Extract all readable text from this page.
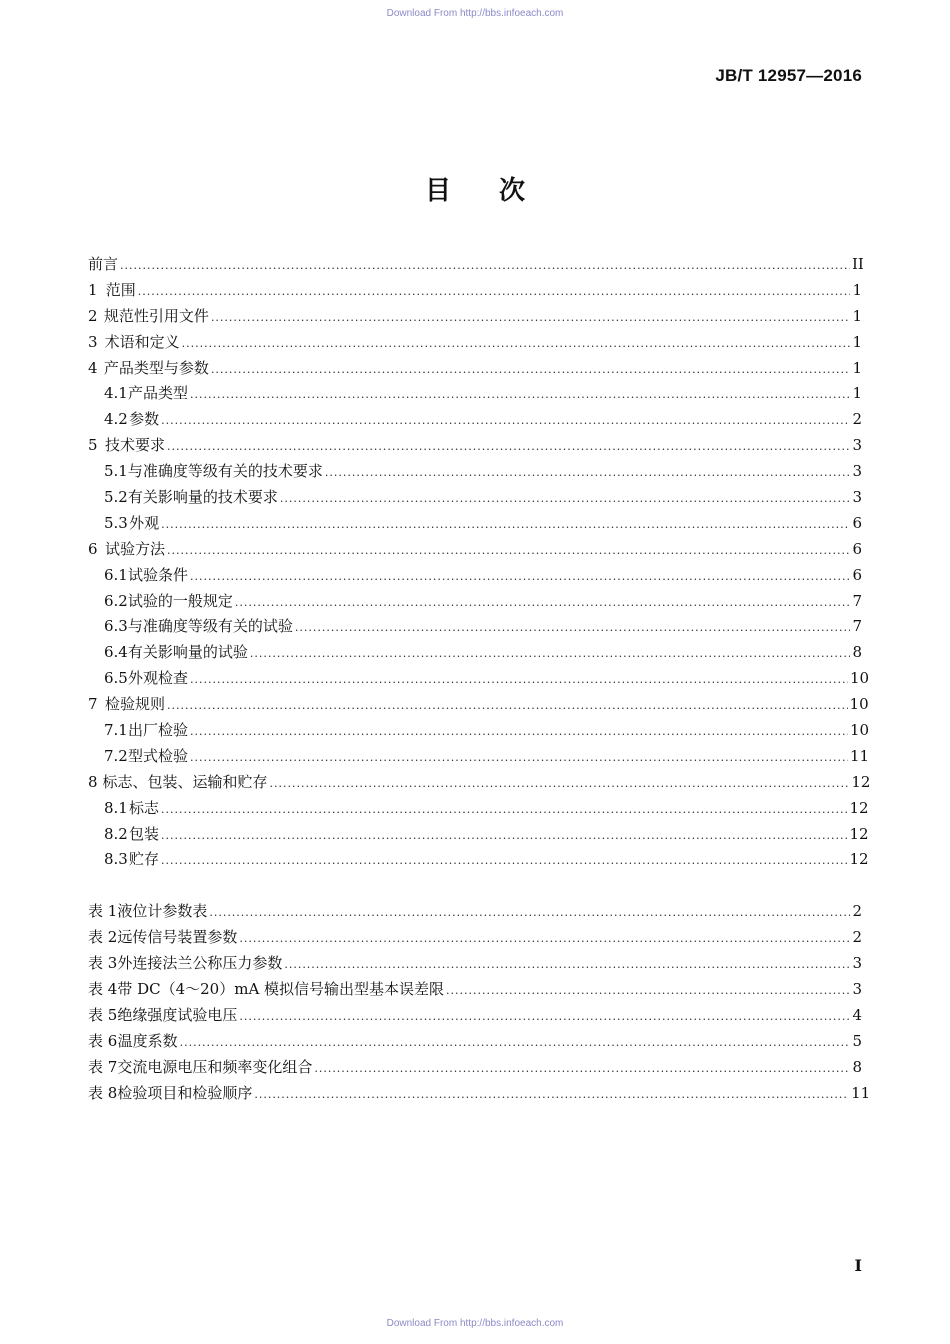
Download From http://bbs.infoeach.com
JB/T 12957—2016
目次
前言 .....	II
1 范围 .....	1
2 规范性引用文件 .....	1
3 术语和定义 .....	1
4 产品类型与参数 .....	1
4.1 产品类型 .....	1
4.2 参数 .....	2
5 技术要求 .....	3
5.1 与准确度等级有关的技术要求 .....	3
5.2 有关影响量的技术要求 .....	3
5.3 外观 .....	6
6 试验方法 .....	6
6.1 试验条件 .....	6
6.2 试验的一般规定 .....	7
6.3 与准确度等级有关的试验 .....	7
6.4 有关影响量的试验 .....	8
6.5 外观检查 .....	10
7 检验规则 .....	10
7.1 出厂检验 .....	10
7.2 型式检验 .....	11
8 标志、包装、运输和贮存 .....	12
8.1 标志 .....	12
8.2 包装 .....	12
8.3 贮存 .....	12
表 1 液位计参数表 .....	2
表 2 远传信号装置参数 .....	2
表 3 外连接法兰公称压力参数 .....	3
表 4 带 DC（4～20）mA 模拟信号输出型基本误差限 .....	3
表 5 绝缘强度试验电压 .....	4
表 6 温度系数 .....	5
表 7 交流电源电压和频率变化组合 .....	8
表 8 检验项目和检验顺序 .....	11
I
Download From http://bbs.infoeach.com
